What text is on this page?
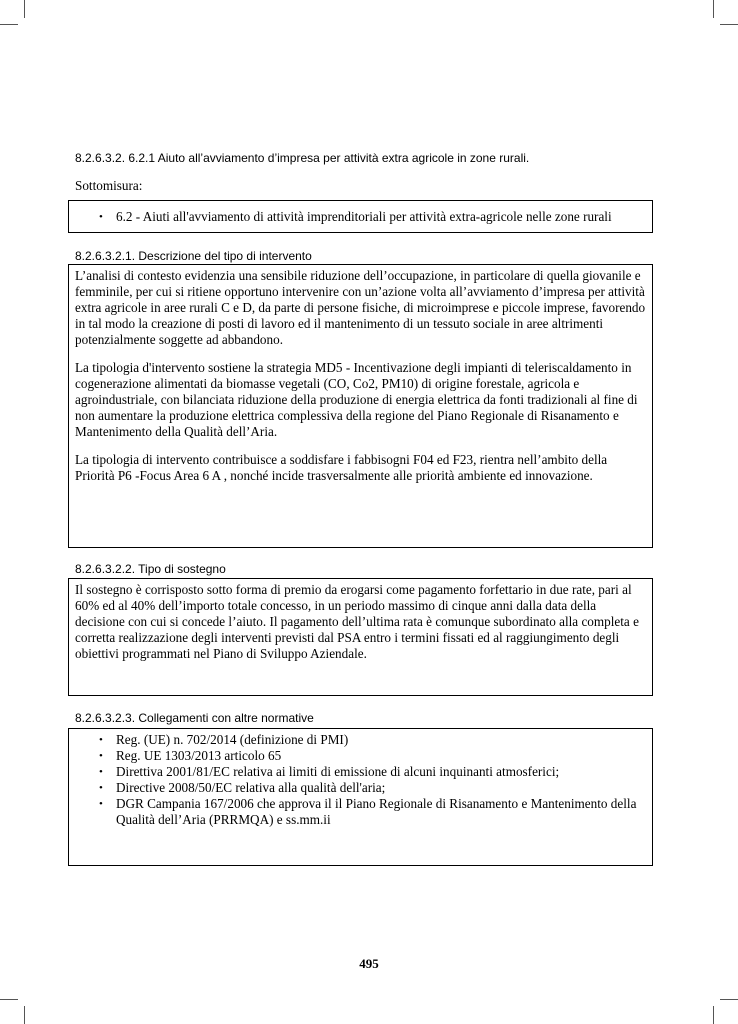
8.2.6.3.2. 6.2.1 Aiuto all’avviamento d’impresa per attività extra agricole in zone rurali.
Sottomisura:
• 6.2 - Aiuti all'avviamento di attività imprenditoriali per attività extra-agricole nelle zone rurali
8.2.6.3.2.1. Descrizione del tipo di intervento

L’analisi di contesto evidenzia una sensibile riduzione dell’occupazione, in particolare di quella giovanile e femminile, per cui si ritiene opportuno intervenire con un’azione volta all’avviamento d’impresa per attività extra agricole in aree rurali C e D, da parte di persone fisiche, di microimprese e piccole imprese, favorendo in tal modo la creazione di posti di lavoro ed il mantenimento di un tessuto sociale in aree altrimenti potenzialmente soggette ad abbandono.

La tipologia d'intervento sostiene la strategia MD5 - Incentivazione degli impianti di teleriscaldamento in cogenerazione alimentati da biomasse vegetali (CO, Co2, PM10) di origine forestale, agricola e agroindustriale, con bilanciata riduzione della produzione di energia elettrica da fonti tradizionali al fine di non aumentare la produzione elettrica complessiva della regione del Piano Regionale di Risanamento e Mantenimento della Qualità dell’Aria.

La tipologia di intervento contribuisce a soddisfare i fabbisogni F04 ed F23, rientra nell’ambito della Priorità P6 -Focus Area 6 A , nonché incide trasversalmente alle priorità ambiente ed innovazione.

8.2.6.3.2.2. Tipo di sostegno

Il sostegno è corrisposto sotto forma di premio da erogarsi come pagamento forfettario in due rate, pari al 60% ed al 40% dell’importo totale concesso, in un periodo massimo di cinque anni dalla data della decisione con cui si concede l’aiuto. Il pagamento dell’ultima rata è comunque subordinato alla completa e corretta realizzazione degli interventi previsti dal PSA entro i termini fissati ed al raggiungimento degli obiettivi programmati nel Piano di Sviluppo Aziendale.

8.2.6.3.2.3. Collegamenti con altre normative
• Reg. (UE) n. 702/2014 (definizione di PMI)
• Reg. UE 1303/2013 articolo 65
• Direttiva 2001/81/EC relativa ai limiti di emissione di alcuni inquinanti atmosferici;
• Directive 2008/50/EC relativa alla qualità dell'aria;
• DGR Campania 167/2006 che approva il il Piano Regionale di Risanamento e Mantenimento della Qualità dell’Aria (PRRMQA) e ss.mm.ii
495
